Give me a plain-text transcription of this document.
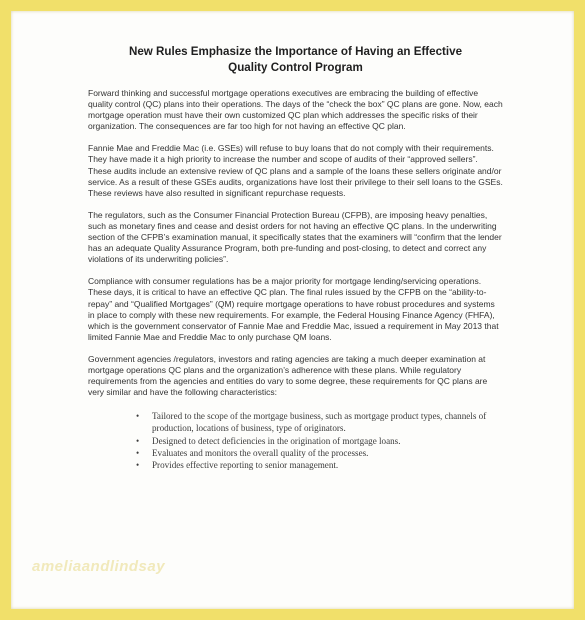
New Rules Emphasize the Importance of Having an Effective
Quality Control Program

Forward thinking and successful mortgage operations executives are embracing the building of effective quality control (QC) plans into their operations. The days of the “check the box” QC plans are gone. Now, each mortgage operation must have their own customized QC plan which addresses the specific risks of their organization. The consequences are far too high for not having an effective QC plan.

Fannie Mae and Freddie Mac (i.e. GSEs) will refuse to buy loans that do not comply with their requirements. They have made it a high priority to increase the number and scope of audits of their “approved sellers”. These audits include an extensive review of QC plans and a sample of the loans these sellers originate and/or service. As a result of these GSEs audits, organizations have lost their privilege to their sell loans to the GSEs. These reviews have also resulted in significant repurchase requests.

The regulators, such as the Consumer Financial Protection Bureau (CFPB), are imposing heavy penalties, such as monetary fines and cease and desist orders for not having an effective QC plans. In the underwriting section of the CFPB’s examination manual, it specifically states that the examiners will “confirm that the lender has an adequate Quality Assurance Program, both pre-funding and post-closing, to detect and correct any violations of its underwriting policies”.

Compliance with consumer regulations has be a major priority for mortgage lending/servicing operations. These days, it is critical to have an effective QC plan. The final rules issued by the CFPB on the “ability-to-repay” and “Qualified Mortgages” (QM) require mortgage operations to have robust procedures and systems in place to comply with these new requirements. For example, the Federal Housing Finance Agency (FHFA), which is the government conservator of Fannie Mae and Freddie Mac, issued a requirement in May 2013 that limited Fannie Mae and Freddie Mac to only purchase QM loans.

Government agencies /regulators, investors and rating agencies are taking a much deeper examination at mortgage operations QC plans and the organization’s adherence with these plans. While regulatory requirements from the agencies and entities do vary to some degree, these requirements for QC plans are very similar and have the following characteristics:

• Tailored to the scope of the mortgage business, such as mortgage product types, channels of production, locations of business, type of originators.
• Designed to detect deficiencies in the origination of mortgage loans.
• Evaluates and monitors the overall quality of the processes.
• Provides effective reporting to senior management.
ameliaandlindsay
